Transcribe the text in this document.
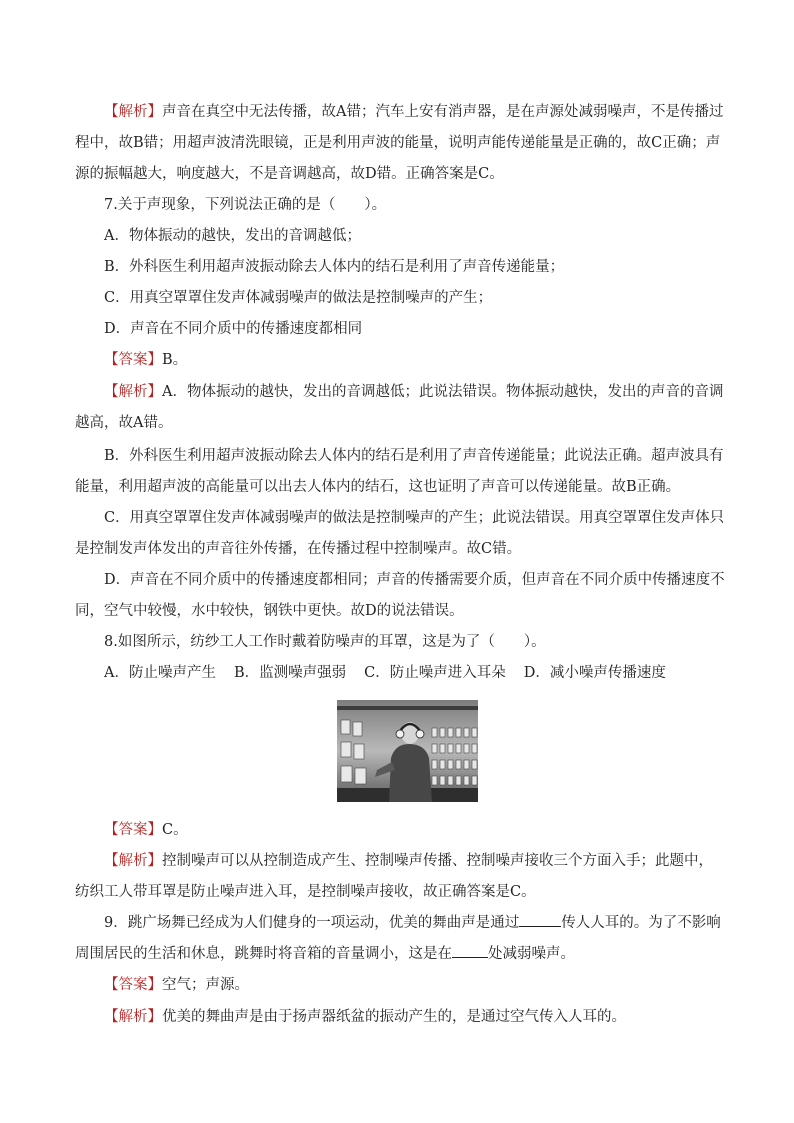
【解析】声音在真空中无法传播，故A错；汽车上安有消声器，是在声源处减弱噪声，不是传播过程中，故B错；用超声波清洗眼镜，正是利用声波的能量，说明声能传递能量是正确的，故C正确；声源的振幅越大，响度越大，不是音调越高，故D错。正确答案是C。

7.关于声现象，下列说法正确的是（　　）。

A．物体振动的越快，发出的音调越低；

B．外科医生利用超声波振动除去人体内的结石是利用了声音传递能量；

C．用真空罩罩住发声体减弱噪声的做法是控制噪声的产生；

D．声音在不同介质中的传播速度都相同

【答案】B。

【解析】A．物体振动的越快，发出的音调越低；此说法错误。物体振动越快，发出的声音的音调越高，故A错。

B．外科医生利用超声波振动除去人体内的结石是利用了声音传递能量；此说法正确。超声波具有能量，利用超声波的高能量可以出去人体内的结石，这也证明了声音可以传递能量。故B正确。

C．用真空罩罩住发声体减弱噪声的做法是控制噪声的产生；此说法错误。用真空罩罩住发声体只是控制发声体发出的声音往外传播，在传播过程中控制噪声。故C错。

D．声音在不同介质中的传播速度都相同；声音的传播需要介质，但声音在不同介质中传播速度不同，空气中较慢，水中较快，钢铁中更快。故D的说法错误。

8.如图所示，纺纱工人工作时戴着防噪声的耳罩，这是为了（　　）。

A．防止噪声产生 B．监测噪声强弱 C．防止噪声进入耳朵 D．减小噪声传播速度

【答案】C。

【解析】控制噪声可以从控制造成产生、控制噪声传播、控制噪声接收三个方面入手；此题中，纺织工人带耳罩是防止噪声进入耳，是控制噪声接收，故正确答案是C。

9．跳广场舞已经成为人们健身的一项运动，优美的舞曲声是通过	传人人耳的。为了不影响周围居民的生活和休息，跳舞时将音箱的音量调小，这是在 处减弱噪声。

【答案】空气；声源。

【解析】优美的舞曲声是由于扬声器纸盆的振动产生的，是通过空气传入人耳的。
